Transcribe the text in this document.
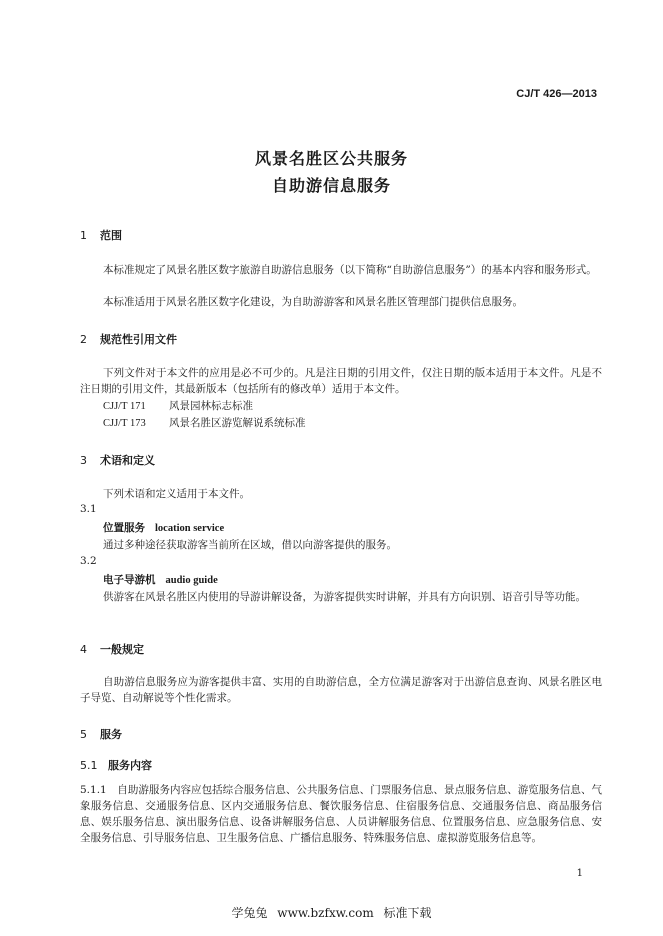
CJ/T 426—2013
风景名胜区公共服务
自助游信息服务
1 范围
本标准规定了风景名胜区数字旅游自助游信息服务（以下简称“自助游信息服务”）的基本内容和服务形式。
本标准适用于风景名胜区数字化建设，为自助游游客和风景名胜区管理部门提供信息服务。
2 规范性引用文件
下列文件对于本文件的应用是必不可少的。凡是注日期的引用文件，仅注日期的版本适用于本文件。凡是不注日期的引用文件，其最新版本（包括所有的修改单）适用于本文件。
CJJ/T 171 风景园林标志标准
CJJ/T 173 风景名胜区游览解说系统标准
3 术语和定义
下列术语和定义适用于本文件。
3.1
位置服务 location service
通过多种途径获取游客当前所在区域，借以向游客提供的服务。
3.2
电子导游机 audio guide
供游客在风景名胜区内使用的导游讲解设备，为游客提供实时讲解，并具有方向识别、语音引导等功能。
4 一般规定
自助游信息服务应为游客提供丰富、实用的自助游信息，全方位满足游客对于出游信息查询、风景名胜区电子导览、自动解说等个性化需求。
5 服务
5.1 服务内容
5.1.1　自助游服务内容应包括综合服务信息、公共服务信息、门票服务信息、景点服务信息、游览服务信息、气象服务信息、交通服务信息、区内交通服务信息、餐饮服务信息、住宿服务信息、交通服务信息、商品服务信息、娱乐服务信息、演出服务信息、设备讲解服务信息、人员讲解服务信息、位置服务信息、应急服务信息、安全服务信息、引导服务信息、卫生服务信息、广播信息服务、特殊服务信息、虚拟游览服务信息等。
1
学兔兔 www.bzfxw.com 标准下载
